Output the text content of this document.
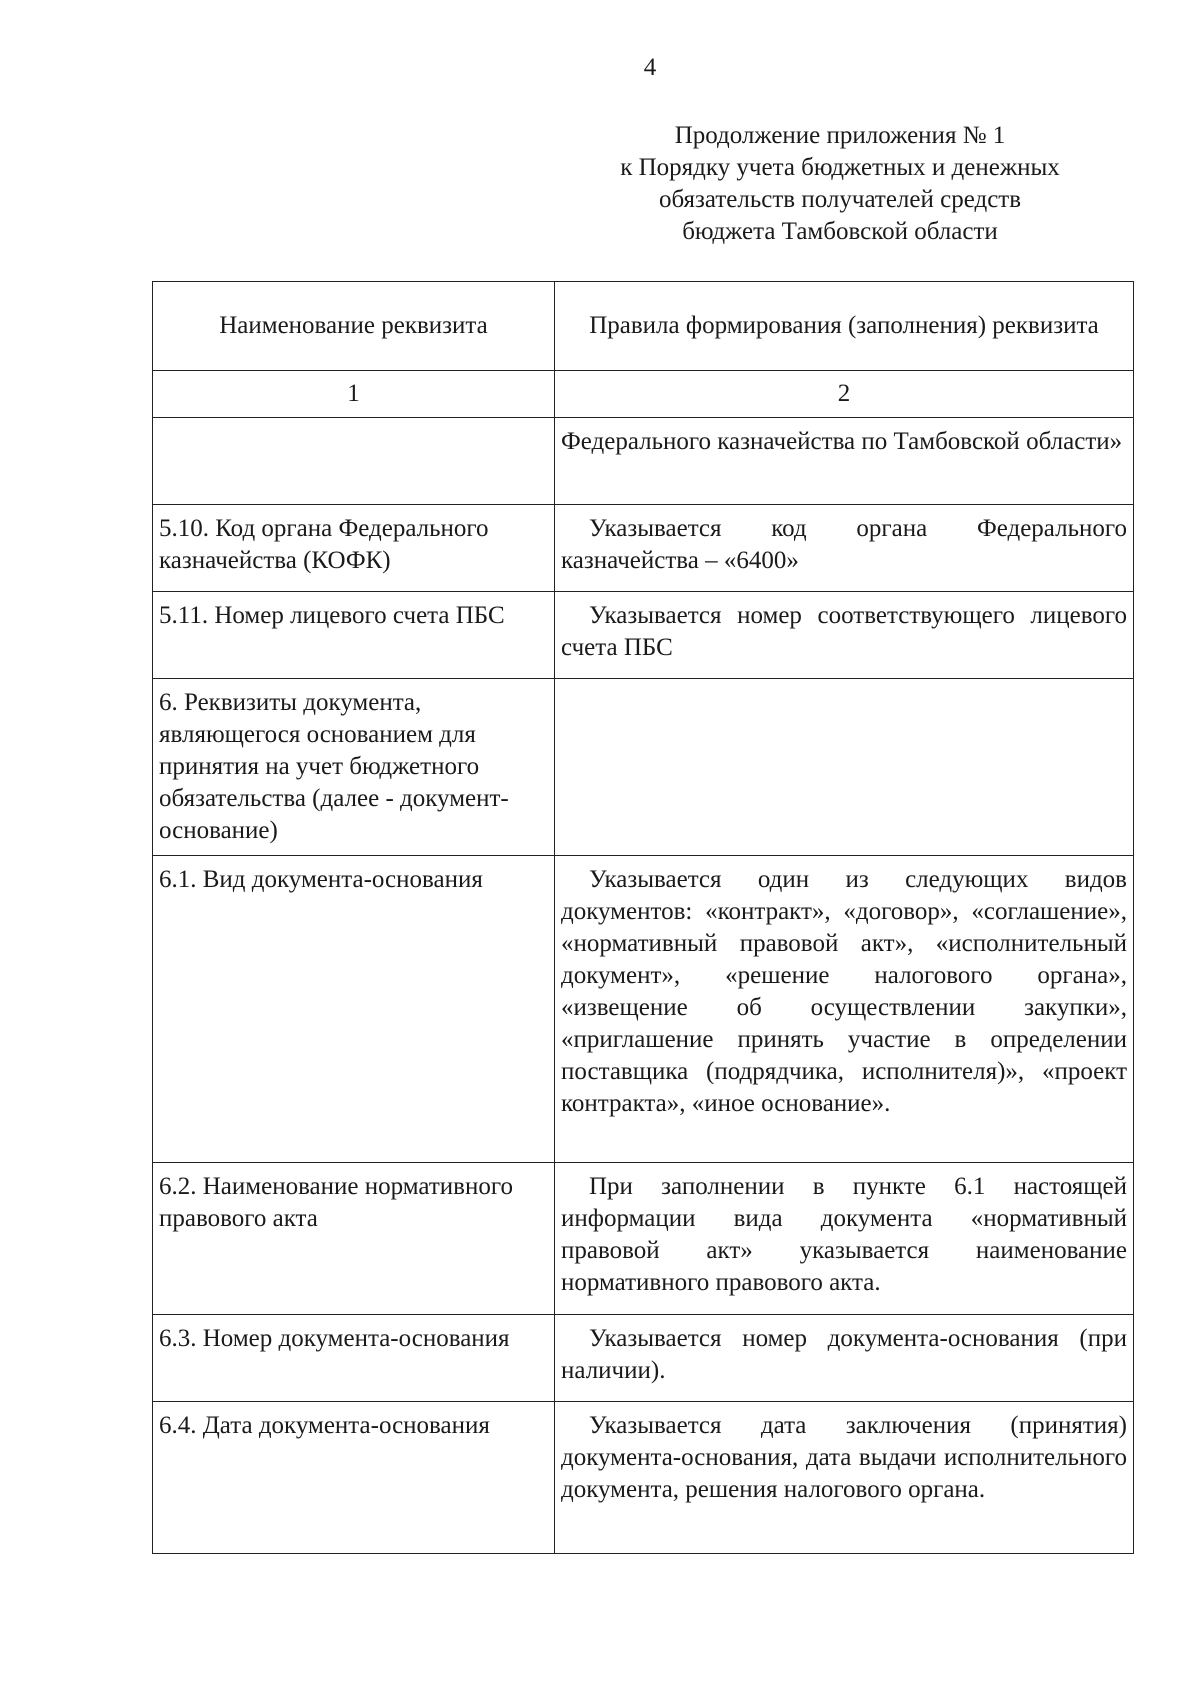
4
Продолжение приложения № 1
к Порядку учета бюджетных и денежных
обязательств получателей средств
бюджета Тамбовской области
Наименование реквизита	Правила формирования (заполнения) реквизита
1	2
	Федерального казначейства по Тамбовской области»
5.10. Код органа Федерального казначейства (КОФК)	Указывается код органа Федерального казначейства – «6400»
5.11. Номер лицевого счета ПБС	Указывается номер соответствующего лицевого счета ПБС
6. Реквизиты документа, являющегося основанием для принятия на учет бюджетного обязательства (далее - документ-основание)	
6.1. Вид документа-основания	Указывается один из следующих видов документов: «контракт», «договор», «соглашение», «нормативный правовой акт», «исполнительный документ», «решение налогового органа», «извещение об осуществлении закупки», «приглашение принять участие в определении поставщика (подрядчика, исполнителя)», «проект контракта», «иное основание».
6.2. Наименование нормативного правового акта	При заполнении в пункте 6.1 настоящей информации вида документа «нормативный правовой акт» указывается наименование нормативного правового акта.
6.3. Номер документа-основания	Указывается номер документа-основания (при наличии).
6.4. Дата документа-основания	Указывается дата заключения (принятия) документа-основания, дата выдачи исполнительного документа, решения налогового органа.
